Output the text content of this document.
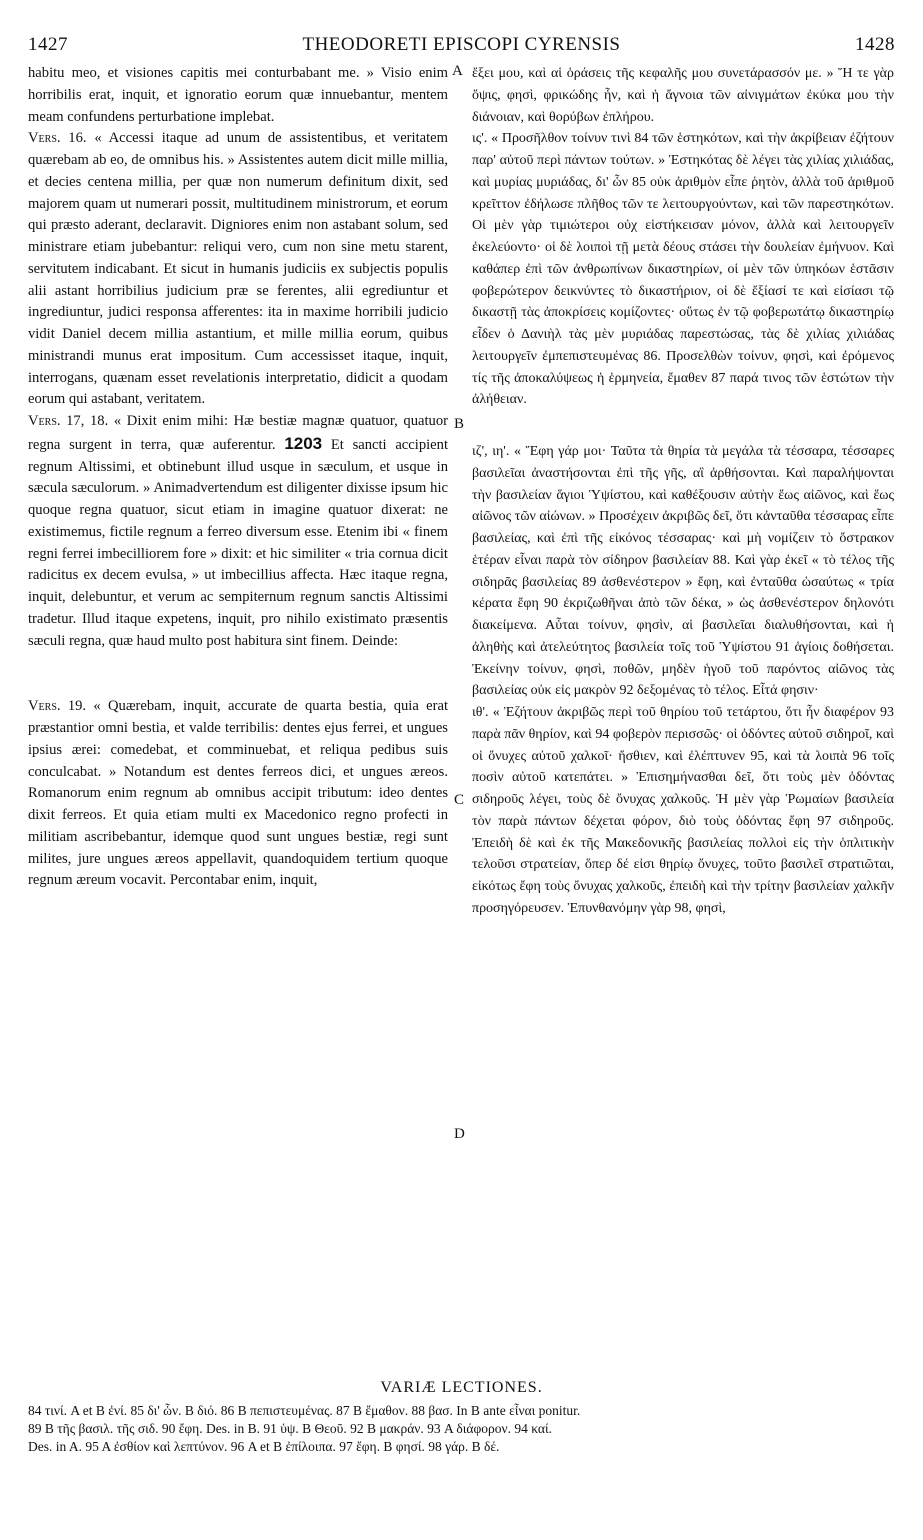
1427	THEODORETI EPISCOPI CYRENSIS	1428

habitu meo, et visiones capitis mei conturbabant me. » Visio enim horribilis erat, inquit, et ignoratio eorum quæ innuebantur, mentem meam confundens perturbatione implebat.

Vers. 16. « Accessi itaque ad unum de assistentibus, et veritatem quærebam ab eo, de omnibus his. » Assistentes autem dicit mille millia, et decies centena millia, per quæ non numerum definitum dixit, sed majorem quam ut numerari possit, multitudinem ministrorum, et eorum qui præsto aderant, declaravit. Digniores enim non astabant solum, sed ministrare etiam jubebantur: reliqui vero, cum non sine metu starent, servitutem indicabant. Et sicut in humanis judiciis ex subjectis populis alii astant horribilius judicium præ se ferentes, alii egrediuntur et ingrediuntur, judici responsa afferentes: ita in maxime horribili judicio vidit Daniel decem millia astantium, et mille millia eorum, quibus ministrandi munus erat impositum. Cum accessisset itaque, inquit, interrogans, quænam esset revelationis interpretatio, didicit a quodam eorum qui astabant, veritatem.

Vers. 17, 18. « Dixit enim mihi: Hæ bestiæ magnæ quatuor, quatuor regna surgent in terra, quæ auferentur. 1203 Et sancti accipient regnum Altissimi, et obtinebunt illud usque in sæculum, et usque in sæcula sæculorum. » Animadvertendum est diligenter dixisse ipsum hic quoque regna quatuor, sicut etiam in imagine quatuor dixerat: ne existimemus, fictile regnum a ferreo diversum esse. Etenim ibi « finem regni ferrei imbecilliorem fore » dixit: et hic similiter « tria cornua dicit radicitus ex decem evulsa, » ut imbecillius affecta. Hæc itaque regna, inquit, delebuntur, et verum ac sempiternum regnum sanctis Altissimi tradetur. Illud itaque expetens, inquit, pro nihilo existimato præsentis sæculi regna, quæ haud multo post habitura sint finem. Deinde:

Vers. 19. « Quærebam, inquit, accurate de quarta bestia, quia erat præstantior omni bestia, et valde terribilis: dentes ejus ferrei, et ungues ipsius ærei: comedebat, et comminuebat, et reliqua pedibus suis conculcabat. » Notandum est dentes ferreos dici, et ungues æreos. Romanorum enim regnum ab omnibus accipit tributum: ideo dentes dixit ferreos. Et quia etiam multi ex Macedonico regno profecti in militiam ascribebantur, idemque quod sunt ungues bestiæ, regi sunt milites, jure ungues æreos appellavit, quandoquidem tertium quoque regnum æreum vocavit. Percontabar enim, inquit,

ἔξει μου, καὶ αἱ ὁράσεις τῆς κεφαλῆς μου συνετάρασσόν με. » Ἥ τε γὰρ ὄψις, φησὶ, φρικώδης ἦν, καὶ ἡ ἄγνοια τῶν αἰνιγμάτων ἐκύκα μου τὴν διάνοιαν, καὶ θορύβων ἐπλήρου.

ις'. « Προσῆλθον τοίνυν τινὶ 84 τῶν ἑστηκότων, καὶ τὴν ἀκρίβειαν ἐζήτουν παρ' αὐτοῦ περὶ πάντων τούτων. » Ἑστηκότας δὲ λέγει τὰς χιλίας χιλιάδας, καὶ μυρίας μυριάδας, δι' ὧν 85 οὐκ ἀριθμὸν εἶπε ῥητὸν, ἀλλὰ τοῦ ἀριθμοῦ κρεῖττον ἐδήλωσε πλῆθος τῶν τε λειτουργούντων, καὶ τῶν παρεστηκότων. Οἱ μὲν γὰρ τιμιώτεροι οὐχ εἱστήκεισαν μόνον, ἀλλὰ καὶ λειτουργεῖν ἐκελεύοντο· οἱ δὲ λοιποὶ τῇ μετὰ δέους στάσει τὴν δουλείαν ἐμήνυον. Καὶ καθάπερ ἐπὶ τῶν ἀνθρωπίνων δικαστηρίων, οἱ μὲν τῶν ὑπηκόων ἑστᾶσιν φοβερώτερον δεικνύντες τὸ δικαστήριον, οἱ δὲ ἔξίασί τε καὶ εἰσίασι τῷ δικαστῇ τὰς ἀποκρίσεις κομίζοντες· οὕτως ἐν τῷ φοβερωτάτῳ δικαστηρίῳ εἶδεν ὁ Δανιὴλ τὰς μὲν μυριάδας παρεστώσας, τὰς δὲ χιλίας χιλιάδας λειτουργεῖν ἐμπεπιστευμένας 86. Προσελθὼν τοίνυν, φησὶ, καὶ ἐρόμενος τίς τῆς ἀποκαλύψεως ἡ ἑρμηνεία, ἔμαθεν 87 παρά τινος τῶν ἑστώτων τὴν ἀλήθειαν.

ιζ', ιη'. « Ἔφη γάρ μοι· Ταῦτα τὰ θηρία τὰ μεγάλα τὰ τέσσαρα, τέσσαρες βασιλεῖαι ἀναστήσονται ἐπὶ τῆς γῆς, αἳ ἀρθήσονται. Καὶ παραλήψονται τὴν βασιλείαν ἅγιοι Ὑψίστου, καὶ καθέξουσιν αὐτὴν ἕως αἰῶνος, καὶ ἕως αἰῶνος τῶν αἰώνων. » Προσέχειν ἀκριβῶς δεῖ, ὅτι κἀνταῦθα τέσσαρας εἶπε βασιλείας, καὶ ἐπὶ τῆς εἰκόνος τέσσαρας· καὶ μὴ νομίζειν τὸ ὄστρακον ἑτέραν εἶναι παρὰ τὸν σίδηρον βασιλείαν 88. Καὶ γὰρ ἐκεῖ « τὸ τέλος τῆς σιδηρᾶς βασιλείας 89 ἀσθενέστερον » ἔφη, καὶ ἐνταῦθα ὡσαύτως « τρία κέρατα ἔφη 90 ἐκριζωθῆναι ἀπὸ τῶν δέκα, » ὡς ἀσθενέστερον δηλονότι διακείμενα. Αὗται τοίνυν, φησὶν, αἱ βασιλεῖαι διαλυθήσονται, καὶ ἡ ἀληθὴς καὶ ἀτελεύτητος βασιλεία τοῖς τοῦ Ὑψίστου 91 ἁγίοις δοθήσεται. Ἐκείνην τοίνυν, φησὶ, ποθῶν, μηδὲν ἡγοῦ τοῦ παρόντος αἰῶνος τὰς βασιλείας οὐκ εἰς μακρὸν 92 δεξομένας τὸ τέλος. Εἶτά φησιν·

ιθ'. « Ἐζήτουν ἀκριβῶς περὶ τοῦ θηρίου τοῦ τετάρτου, ὅτι ἦν διαφέρον 93 παρὰ πᾶν θηρίον, καὶ 94 φοβερὸν περισσῶς· οἱ ὀδόντες αὐτοῦ σιδηροῖ, καὶ οἱ ὄνυχες αὐτοῦ χαλκοῖ· ἤσθιεν, καὶ ἐλέπτυνεν 95, καὶ τὰ λοιπὰ 96 τοῖς ποσὶν αὐτοῦ κατεπάτει. » Ἐπισημήνασθαι δεῖ, ὅτι τοὺς μὲν ὀδόντας σιδηροῦς λέγει, τοὺς δὲ ὄνυχας χαλκοῦς. Ἡ μὲν γὰρ Ῥωμαίων βασιλεία τὸν παρὰ πάντων δέχεται φόρον, διὸ τοὺς ὀδόντας ἔφη 97 σιδηροῦς. Ἐπειδὴ δὲ καὶ ἐκ τῆς Μακεδονικῆς βασιλείας πολλοὶ εἰς τὴν ὁπλιτικὴν τελοῦσι στρατείαν, ὅπερ δέ εἰσι θηρίῳ ὄνυχες, τοῦτο βασιλεῖ στρατιῶται, εἰκότως ἔφη τοὺς ὄνυχας χαλκοῦς, ἐπειδὴ καὶ τὴν τρίτην βασιλείαν χαλκῆν προσηγόρευσεν. Ἐπυνθανόμην γὰρ 98, φησὶ,

A
B
C
D
VARIÆ LECTIONES.

84 τινί. A et B ἐνί. 85 δι' ὧν. B διό. 86 B πεπιστευμένας. 87 B ἔμαθον. 88 βασ. In B ante εἶναι ponitur.

89 B τῆς βασιλ. τῆς σιδ. 90 ἔφη. Des. in B. 91 ὑψ. B Θεοῦ. 92 B μακράν. 93 A διάφορον. 94 καί.

Des. in A. 95 A ἐσθίον καὶ λεπτύνον. 96 A et B ἐπίλοιπα. 97 ἔφη. B φησί. 98 γάρ. B δέ.
